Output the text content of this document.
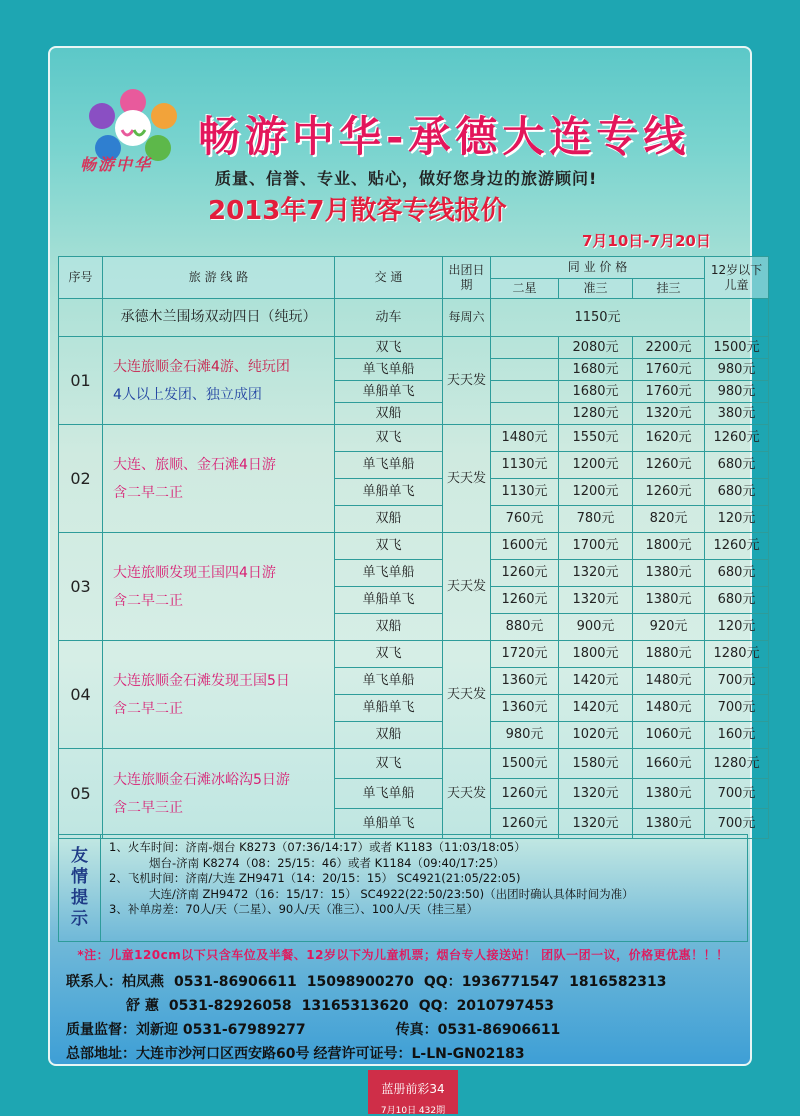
畅游中华
畅游中华-承德大连专线
质量、信誉、专业、贴心，做好您身边的旅游顾问!
2013年7月散客专线报价
7月10日-7月20日
序号	旅 游 线 路	交 通	出团日期	同 业 价 格			12岁以下儿童
				二星	准三	挂三	
	承德木兰围场双动四日（纯玩）	动车	每周六	1150元			
01	大连旅顺金石滩4游、纯玩团
4人以上发团、独立成团	双飞	天天发		2080元	2200元	1500元
		单飞单船			1680元	1760元	980元
		单船单飞			1680元	1760元	980元
		双船			1280元	1320元	380元
02	大连、旅顺、金石滩4日游
含二早二正	双飞	天天发	1480元	1550元	1620元	1260元
		单飞单船		1130元	1200元	1260元	680元
		单船单飞		1130元	1200元	1260元	680元
		双船		760元	780元	820元	120元
03	大连旅顺发现王国四4日游
含二早二正	双飞	天天发	1600元	1700元	1800元	1260元
		单飞单船		1260元	1320元	1380元	680元
		单船单飞		1260元	1320元	1380元	680元
		双船		880元	900元	920元	120元
04	大连旅顺金石滩发现王国5日
含二早二正	双飞	天天发	1720元	1800元	1880元	1280元
		单飞单船		1360元	1420元	1480元	700元
		单船单飞		1360元	1420元	1480元	700元
		双船		980元	1020元	1060元	160元
05	大连旅顺金石滩冰峪沟5日游
含二早三正	双飞	天天发	1500元	1580元	1660元	1280元
		单飞单船		1260元	1320元	1380元	700元
		单船单飞		1260元	1320元	1380元	700元
友情提示
1、火车时间：济南-烟台 K8273（07:36/14:17）或者 K1183（11:03/18:05）
烟台-济南 K8274（08：25/15：46）或者 K1184（09:40/17:25）
2、飞机时间：济南/大连 ZH9471（14：20/15：15） SC4921(21:05/22:05)
大连/济南 ZH9472（16：15/17：15） SC4922(22:50/23:50)（出团时确认具体时间为准）
3、补单房差：70人/天（二星）、90人/天（准三）、100人/天（挂三星）
*注：儿童120cm以下只含车位及半餐、12岁以下为儿童机票；烟台专人接送站！ 团队一团一议，价格更优惠！！！
联系人：柏凤燕 0531-86906611 15098900270 QQ：1936771547 1816582313
舒 蕙 0531-82926058 13165313620 QQ：2010797453
质量监督：刘新迎 0531-67989277	传真：0531-86906611
总部地址：大连市沙河口区西安路60号 经营许可证号：L-LN-GN02183
蓝册前彩34
7月10日 432期
